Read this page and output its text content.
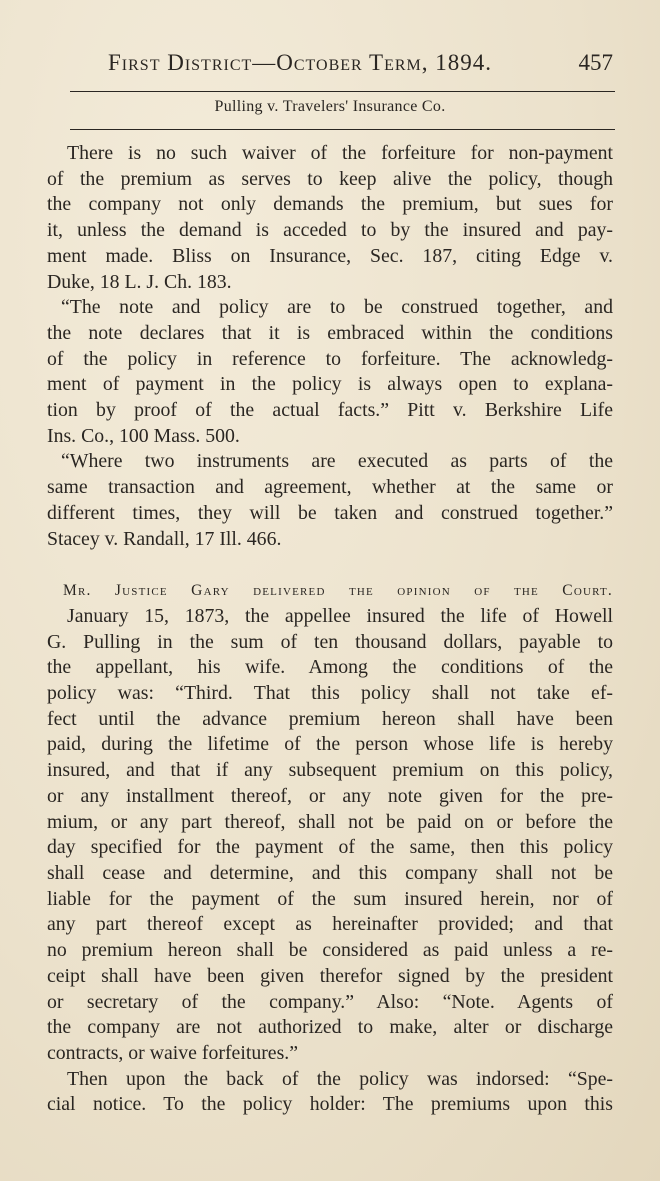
First District—October Term, 1894.	457
Pulling v. Travelers' Insurance Co.
There is no such waiver of the forfeiture for non-payment
of the premium as serves to keep alive the policy, though
the company not only demands the premium, but sues for
it, unless the demand is acceded to by the insured and pay-
ment made. Bliss on Insurance, Sec. 187, citing Edge v.
Duke, 18 L. J. Ch. 183.
“The note and policy are to be construed together, and
the note declares that it is embraced within the conditions
of the policy in reference to forfeiture. The acknowledg-
ment of payment in the policy is always open to explana-
tion by proof of the actual facts.” Pitt v. Berkshire Life
Ins. Co., 100 Mass. 500.
“Where two instruments are executed as parts of the
same transaction and agreement, whether at the same or
different times, they will be taken and construed together.”
Stacey v. Randall, 17 Ill. 466.
Mr. Justice Gary delivered the opinion of the Court.
January 15, 1873, the appellee insured the life of Howell
G. Pulling in the sum of ten thousand dollars, payable to
the appellant, his wife. Among the conditions of the
policy was: “Third. That this policy shall not take ef-
fect until the advance premium hereon shall have been
paid, during the lifetime of the person whose life is hereby
insured, and that if any subsequent premium on this policy,
or any installment thereof, or any note given for the pre-
mium, or any part thereof, shall not be paid on or before the
day specified for the payment of the same, then this policy
shall cease and determine, and this company shall not be
liable for the payment of the sum insured herein, nor of
any part thereof except as hereinafter provided; and that
no premium hereon shall be considered as paid unless a re-
ceipt shall have been given therefor signed by the president
or secretary of the company.” Also: “Note. Agents of
the company are not authorized to make, alter or discharge
contracts, or waive forfeitures.”
Then upon the back of the policy was indorsed: “Spe-
cial notice. To the policy holder: The premiums upon this
